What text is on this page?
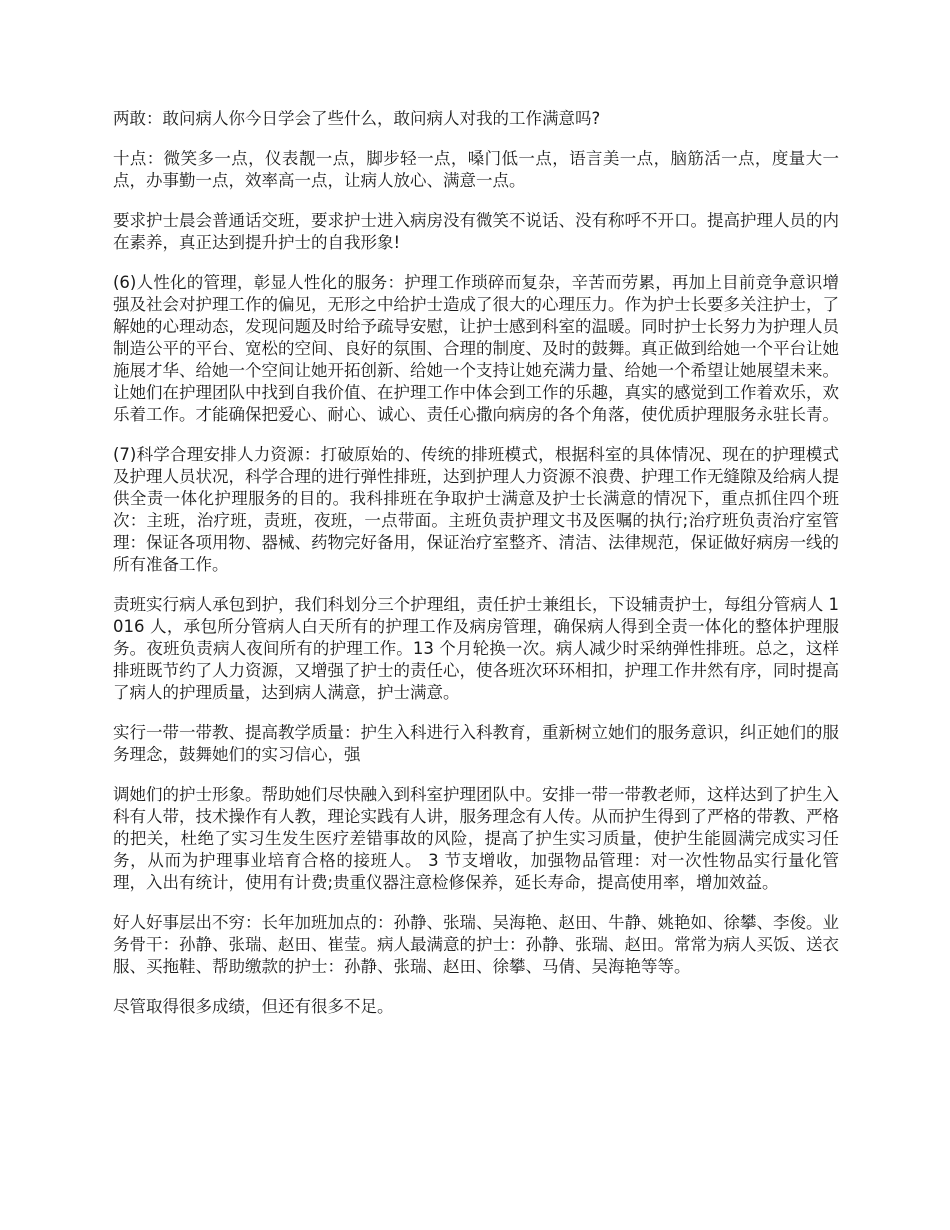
两敢：敢问病人你今日学会了些什么，敢问病人对我的工作满意吗?

十点：微笑多一点，仪表靓一点，脚步轻一点，嗓门低一点，语言美一点，脑筋活一点，度量大一点，办事勤一点，效率高一点，让病人放心、满意一点。

要求护士晨会普通话交班，要求护士进入病房没有微笑不说话、没有称呼不开口。提高护理人员的内在素养，真正达到提升护士的自我形象!

(6)人性化的管理，彰显人性化的服务：护理工作琐碎而复杂，辛苦而劳累，再加上目前竞争意识增强及社会对护理工作的偏见，无形之中给护士造成了很大的心理压力。作为护士长要多关注护士，了解她的心理动态，发现问题及时给予疏导安慰，让护士感到科室的温暖。同时护士长努力为护理人员制造公平的平台、宽松的空间、良好的氛围、合理的制度、及时的鼓舞。真正做到给她一个平台让她施展才华、给她一个空间让她开拓创新、给她一个支持让她充满力量、给她一个希望让她展望未来。让她们在护理团队中找到自我价值、在护理工作中体会到工作的乐趣，真实的感觉到工作着欢乐，欢乐着工作。才能确保把爱心、耐心、诚心、责任心撒向病房的各个角落，使优质护理服务永驻长青。

(7)科学合理安排人力资源：打破原始的、传统的排班模式，根据科室的具体情况、现在的护理模式及护理人员状况，科学合理的进行弹性排班，达到护理人力资源不浪费、护理工作无缝隙及给病人提供全责一体化护理服务的目的。我科排班在争取护士满意及护士长满意的情况下，重点抓住四个班次：主班，治疗班，责班，夜班，一点带面。主班负责护理文书及医嘱的执行;治疗班负责治疗室管理：保证各项用物、器械、药物完好备用，保证治疗室整齐、清洁、法律规范，保证做好病房一线的所有准备工作。

责班实行病人承包到护，我们科划分三个护理组，责任护士兼组长，下设辅责护士，每组分管病人 1016 人，承包所分管病人白天所有的护理工作及病房管理，确保病人得到全责一体化的整体护理服务。夜班负责病人夜间所有的护理工作。13 个月轮换一次。病人减少时采纳弹性排班。总之，这样排班既节约了人力资源，又增强了护士的责任心，使各班次环环相扣，护理工作井然有序，同时提高了病人的护理质量，达到病人满意，护士满意。

实行一带一带教、提高教学质量：护生入科进行入科教育，重新树立她们的服务意识，纠正她们的服务理念，鼓舞她们的实习信心，强

调她们的护士形象。帮助她们尽快融入到科室护理团队中。安排一带一带教老师，这样达到了护生入科有人带，技术操作有人教，理论实践有人讲，服务理念有人传。从而护生得到了严格的带教、严格的把关，杜绝了实习生发生医疗差错事故的风险，提高了护生实习质量，使护生能圆满完成实习任务，从而为护理事业培育合格的接班人。 3 节支增收，加强物品管理：对一次性物品实行量化管理，入出有统计，使用有计费;贵重仪器注意检修保养，延长寿命，提高使用率，增加效益。

好人好事层出不穷：长年加班加点的：孙静、张瑞、吴海艳、赵田、牛静、姚艳如、徐攀、李俊。业务骨干：孙静、张瑞、赵田、崔莹。病人最满意的护士：孙静、张瑞、赵田。常常为病人买饭、送衣服、买拖鞋、帮助缴款的护士：孙静、张瑞、赵田、徐攀、马倩、吴海艳等等。

尽管取得很多成绩，但还有很多不足。
